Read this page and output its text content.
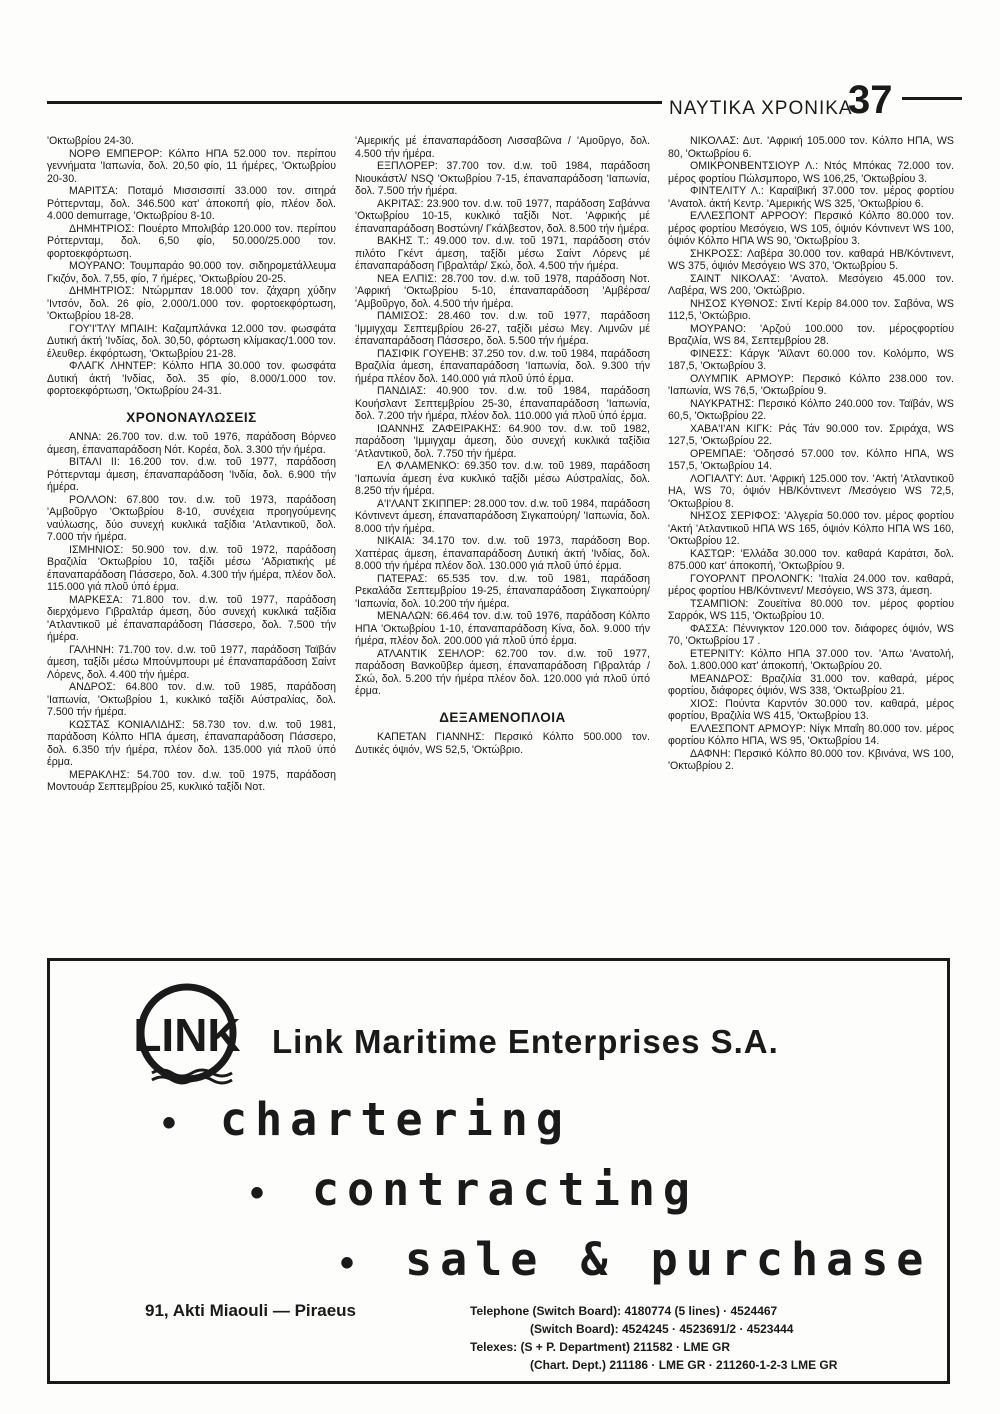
ΝΑΥΤΙΚΑ ΧΡΟΝΙΚΑ
37

'Οκτωβρίου 24-30.

ΝΟΡΘ ΕΜΠΕΡΟΡ: Κόλπο ΗΠΑ 52.000 τον. περίπου γεννήματα 'Ιαπωνία, δολ. 20,50 φίο, 11 ήμέρες, 'Οκτωβρίου 20-30.

ΜΑΡΙΤΣΑ: Ποταμό Μισσισσιπί 33.000 τον. σιτηρά Ρόττερνταμ, δολ. 346.500 κατ' άποκοπή φίο, πλέον δολ. 4.000 demurrage, 'Οκτωβρίου 8-10.

ΔΗΜΗΤΡΙΟΣ: Πουέρτο Μπολιβάρ 120.000 τον. περίπου Ρόττερνταμ, δολ. 6,50 φίο, 50.000/25.000 τον. φορτοεκφόρτωση.

ΜΟΥΡΑΝΟ: Τουμπαράο 90.000 τον. σιδηρομετάλλευμα Γκιζόν, δολ. 7,55, φίο, 7 ήμέρες, 'Οκτωβρίου 20-25.

ΔΗΜΗΤΡΙΟΣ: Ντώρμπαν 18.000 τον. ζάχαρη χύδην 'Ιντσόν, δολ. 26 φίο, 2.000/1.000 τον. φορτοεκφόρτωση, 'Οκτωβρίου 18-28.

ΓΟΥ'Ι'ΤΛΥ ΜΠΑΙΗ: Καζαμπλάνκα 12.000 τον. φωσφάτα Δυτική άκτή 'Ινδίας, δολ. 30,50, φόρτωση κλίμακας/1.000 τον. έλευθερ. έκφόρτωση, 'Οκτωβρίου 21-28.

ΦΛΑΓΚ ΛΗΝΤΕΡ: Κόλπο ΗΠΑ 30.000 τον. φωσφάτα Δυτική άκτή 'Ινδίας, δολ. 35 φίο, 8.000/1.000 τον. φορτοεκφόρτωση, 'Οκτωβρίου 24-31.

ΧΡΟΝΟΝΑΥΛΩΣΕΙΣ

ΑΝΝΑ: 26.700 τον. d.w. τοῦ 1976, παράδοση Βόρνεο άμεση, έπαναπαράδοση Νότ. Κορέα, δολ. 3.300 τήν ήμέρα.

ΒΙΤΑΛΙ ΙΙ: 16.200 τον. d.w. τοῦ 1977, παράδοση Ρόττερνταμ άμεση, έπαναπαράδοση 'Ινδία, δολ. 6.900 τήν ήμέρα.

ΡΟΛΛΟΝ: 67.800 τον. d.w. τοῦ 1973, παράδοση 'Αμβοῦργο 'Οκτωβρίου 8-10, συνέχεια προηγούμενης ναύλωσης, δύο συνεχή κυκλικά ταξίδια 'Ατλαντικοῦ, δολ. 7.000 τήν ήμέρα.

ΙΣΜΗΝΙΟΣ: 50.900 τον. d.w. τοῦ 1972, παράδοση Βραζιλία 'Οκτωβρίου 10, ταξίδι μέσω 'Αδριατικής μέ έπαναπαράδοση Πάσσερο, δολ. 4.300 τήν ήμέρα, πλέον δολ. 115.000 γιά πλοῦ ύπό έρμα.

ΜΑΡΚΕΣΑ: 71.800 τον. d.w. τοῦ 1977, παράδοση διερχόμενο Γιβραλτάρ άμεση, δύο συνεχή κυκλικά ταξίδια 'Ατλαντικοῦ μέ έπαναπαράδοση Πάσσερο, δολ. 7.500 τήν ήμέρα.

ΓΑΛΗΝΗ: 71.700 τον. d.w. τοῦ 1977, παράδοση Ταϊβάν άμεση, ταξίδι μέσω Μπούνμπουρι μέ έπαναπαράδοση Σαίντ Λόρενς, δολ. 4.400 τήν ήμέρα.

ΑΝΔΡΟΣ: 64.800 τον. d.w. τοῦ 1985, παράδοση 'Ιαπωνία, 'Οκτωβρίου 1, κυκλικό ταξίδι Αύστραλίας, δολ. 7.500 τήν ήμέρα.

ΚΩΣΤΑΣ ΚΟΝΙΑΛΙΔΗΣ: 58.730 τον. d.w. τοῦ 1981, παράδοση Κόλπο ΗΠΑ άμεση, έπαναπαράδοση Πάσσερο, δολ. 6.350 τήν ήμέρα, πλέον δολ. 135.000 γιά πλοῦ ύπό έρμα.

ΜΕΡΑΚΛΗΣ: 54.700 τον. d.w. τοῦ 1975, παράδοση Μοντουάρ Σεπτεμβρίου 25, κυκλικό ταξίδι Νοτ.

'Αμερικής μέ έπαναπαράδοση Λισσαβῶνα / 'Αμοῦργο, δολ. 4.500 τήν ήμέρα.

ΕΞΠΛΟΡΕΡ: 37.700 τον. d.w. τοῦ 1984, παράδοση Νιουκάστλ/ NSQ 'Οκτωβρίου 7-15, έπαναπαράδοση 'Ιαπωνία, δολ. 7.500 τήν ήμέρα.

ΑΚΡΙΤΑΣ: 23.900 τον. d.w. τοῦ 1977, παράδοση Σαβάννα 'Οκτωβρίου 10-15, κυκλικό ταξίδι Νοτ. 'Αφρικής μέ έπαναπαράδοση Βοστώνη/ Γκάλβεστον, δολ. 8.500 τήν ήμέρα.

ΒΑΚΗΣ Τ.: 49.000 τον. d.w. τοῦ 1971, παράδοση στόν πιλότο Γκέντ άμεση, ταξίδι μέσω Σαίντ Λόρενς μέ έπαναπαράδοση Γιβραλτάρ/ Σκώ, δολ. 4.500 τήν ήμέρα.

ΝΕΑ ΕΛΠΙΣ: 28.700 τον. d.w. τοῦ 1978, παράδοση Νοτ. 'Αφρική 'Οκτωβρίου 5-10, έπαναπαράδοση 'Αμβέρσα/ 'Αμβοῦργο, δολ. 4.500 τήν ήμέρα.

ΠΑΜΙΣΟΣ: 28.460 τον. d.w. τοῦ 1977, παράδοση 'Ιμμιγχαμ Σεπτεμβρίου 26-27, ταξίδι μέσω Μεγ. Λιμνῶν μέ έπαναπαράδοση Πάσσερο, δολ. 5.500 τήν ήμέρα.

ΠΑΣΙΦΙΚ ΓΟΥΕΗΒ: 37.250 τον. d.w. τοῦ 1984, παράδοση Βραζιλία άμεση, έπαναπαράδοση 'Ιαπωνία, δολ. 9.300 τήν ήμέρα πλέον δολ. 140.000 γιά πλοῦ ύπό έρμα.

ΠΑΝΔΙΑΣ: 40.900 τον. d.w. τοῦ 1984, παράδοση Κουήσλαντ Σεπτεμβρίου 25-30, έπαναπαράδοση 'Ιαπωνία, δολ. 7.200 τήν ήμέρα, πλέον δολ. 110.000 γιά πλοῦ ύπό έρμα.

ΙΩΑΝΝΗΣ ΖΑΦΕΙΡΑΚΗΣ: 64.900 τον. d.w. τοῦ 1982, παράδοση 'Ιμμιγχαμ άμεση, δύο συνεχή κυκλικά ταξίδια 'Ατλαντικοῦ, δολ. 7.750 τήν ήμέρα.

ΕΛ ΦΛΑΜΕΝΚΟ: 69.350 τον. d.w. τοῦ 1989, παράδοση 'Ιαπωνία άμεση ένα κυκλικό ταξίδι μέσω Αύστραλίας, δολ. 8.250 τήν ήμέρα.

Α'Ι'ΛΑΝΤ ΣΚΙΠΠΕΡ: 28.000 τον. d.w. τοῦ 1984, παράδοση Κόντινεντ άμεση, έπαναπαράδοση Σιγκαπούρη/ 'Ιαπωνία, δολ. 8.000 τήν ήμέρα.

ΝΙΚΑΙΑ: 34.170 τον. d.w. τοῦ 1973, παράδοση Βορ. Χαττέρας άμεση, έπαναπαράδοση Δυτική άκτή 'Ινδίας, δολ. 8.000 τήν ήμέρα πλέον δολ. 130.000 γιά πλοῦ ύπό έρμα.

ΠΑΤΕΡΑΣ: 65.535 τον. d.w. τοῦ 1981, παράδοση Ρεκαλάδα Σεπτεμβρίου 19-25, έπαναπαράδοση Σιγκαπούρη/ 'Ιαπωνία, δολ. 10.200 τήν ήμέρα.

ΜΕΝΑΛΩΝ: 66.464 τον. d.w. τοῦ 1976, παράδοση Κόλπο ΗΠΑ 'Οκτωβρίου 1-10, έπαναπαράδοση Κίνα, δολ. 9.000 τήν ήμέρα, πλέον δολ. 200.000 γιά πλοῦ ύπό έρμα.

ΑΤΛΑΝΤΙΚ ΣΕΗΛΟΡ: 62.700 τον. d.w. τοῦ 1977, παράδοση Βανκοῦβερ άμεση, έπαναπαράδοση Γιβραλτάρ / Σκώ, δολ. 5.200 τήν ήμέρα πλέον δολ. 120.000 γιά πλοῦ ύπό έρμα.

ΔΕΞΑΜΕΝΟΠΛΟΙΑ

ΚΑΠΕΤΑΝ ΓΙΑΝΝΗΣ: Περσικό Κόλπο 500.000 τον. Δυτικές όψιόν, WS 52,5, 'Οκτώβριο.

ΝΙΚΟΛΑΣ: Δυτ. 'Αφρική 105.000 τον. Κόλπο ΗΠΑ, WS 80, 'Οκτωβρίου 6.

ΟΜΙΚΡΟΝΒΕΝΤΣΙΟΥΡ Λ.: Ντός Μπόκας 72.000 τον. μέρος φορτίου Πώλσμπορο, WS 106,25, 'Οκτωβρίου 3.

ΦΙΝΤΕΛΙΤΥ Λ.: Καραϊβική 37.000 τον. μέρος φορτίου 'Ανατολ. άκτή Κεντρ. 'Αμερικής WS 325, 'Οκτωβρίου 6.

ΕΛΛΕΣΠΟΝΤ ΑΡΡΟΟΥ: Περσικό Κόλπο 80.000 τον. μέρος φορτίου Μεσόγειο, WS 105, όψιόν Κόντινεντ WS 100, όψιόν Κόλπο ΗΠΑ WS 90, 'Οκτωβρίου 3.

ΣΗΚΡΟΣΣ: Λαβέρα 30.000 τον. καθαρά ΗΒ/Κόντινεντ, WS 375, όψιόν Μεσόγειο WS 370, 'Οκτωβρίου 5.

ΣΑΙΝΤ ΝΙΚΟΛΑΣ: 'Ανατολ. Μεσόγειο 45.000 τον. Λαβέρα, WS 200, 'Οκτώβριο.

ΝΗΣΟΣ ΚΥΘΝΟΣ: Σιντί Κερίρ 84.000 τον. Σαβόνα, WS 112,5, 'Οκτώβριο.

ΜΟΥΡΑΝΟ: 'Αρζού 100.000 τον. μέροςφορτίου Βραζιλία, WS 84, Σεπτεμβρίου 28.

ΦΙΝΕΣΣ: Κάργκ 'Άϊλαντ 60.000 τον. Κολόμπο, WS 187,5, 'Οκτωβρίου 3.

ΟΛΥΜΠΙΚ ΑΡΜΟΥΡ: Περσικό Κόλπο 238.000 τον. 'Ιαπωνία, WS 76,5, 'Οκτωβρίου 9.

ΝΑΥΚΡΑΤΗΣ: Περσικό Κόλπο 240.000 τον. Ταϊβάν, WS 60,5, 'Οκτωβρίου 22.

ΧΑΒΑ'Ι'ΑΝ ΚΙΓΚ: Ράς Τάν 90.000 τον. Σριράχα, WS 127,5, 'Οκτωβρίου 22.

ΟΡΕΜΠΑΕ: 'Οδησσό 57.000 τον. Κόλπο ΗΠΑ, WS 157,5, 'Οκτωβρίου 14.

ΛΟΓΙΑΛΤΥ: Δυτ. 'Αφρική 125.000 τον. 'Ακτή 'Ατλαντικοῦ ΗΑ, WS 70, όψιόν ΗΒ/Κόντινεντ /Μεσόγειο WS 72,5, 'Οκτωβρίου 8.

ΝΗΣΟΣ ΣΕΡΙΦΟΣ: 'Αλγερία 50.000 τον. μέρος φορτίου 'Ακτή 'Ατλαντικοῦ ΗΠΑ WS 165, όψιόν Κόλπο ΗΠΑ WS 160, 'Οκτωβρίου 12.

ΚΑΣΤΩΡ: 'Ελλάδα 30.000 τον. καθαρά Καράτσι, δολ. 875.000 κατ' άποκοπή, 'Οκτωβρίου 9.

ΓΟΥΟΡΛΝΤ ΠΡΟΛΟΝΓΚ: 'Ιταλία 24.000 τον. καθαρά, μέρος φορτίου ΗΒ/Κόντινεντ/ Μεσόγειο, WS 373, άμεση.

ΤΣΑΜΠΙΟΝ: Ζουεϊτίνα 80.000 τον. μέρος φορτίου Σαρρόκ, WS 115, 'Οκτωβρίου 10.

ΦΑΣΣΑ: Πέννιγκτον 120.000 τον. διάφορες όψιόν, WS 70, 'Οκτωβρίου 17 .

ΕΤΕΡΝΙΤΥ: Κόλπο ΗΠΑ 37.000 τον. 'Απω 'Ανατολή, δολ. 1.800.000 κατ' άποκοπή, 'Οκτωβρίου 20.

ΜΕΑΝΔΡΟΣ: Βραζιλία 31.000 τον. καθαρά, μέρος φορτίου, διάφορες όψιόν, WS 338, 'Οκτωβρίου 21.

ΧΙΟΣ: Πούντα Καρντόν 30.000 τον. καθαρά, μέρος φορτίου, Βραζιλία WS 415, 'Οκτωβρίου 13.

ΕΛΛΕΣΠΟΝΤ ΑΡΜΟΥΡ: Νίγκ Μπαΐη 80.000 τον. μέρος φορτίου Κόλπο ΗΠΑ, WS 95, 'Οκτωβρίου 14.

ΔΑΦΝΗ: Περσικό Κόλπο 80.000 τον. Κβινάνα, WS 100, 'Οκτωβρίου 2.

LINK Link Maritime Enterprises S.A.
• chartering
• contracting
• sale & purchase
91, Akti Miaouli — Piraeus	Telephone (Switch Board): 4180774 (5 lines) · 4524467
(Switch Board): 4524245 · 4523691/2 · 4523444
Telexes: (S + P. Department) 211582 · LME GR
(Chart. Dept.) 211186 · LME GR · 211260-1-2-3 LME GR
